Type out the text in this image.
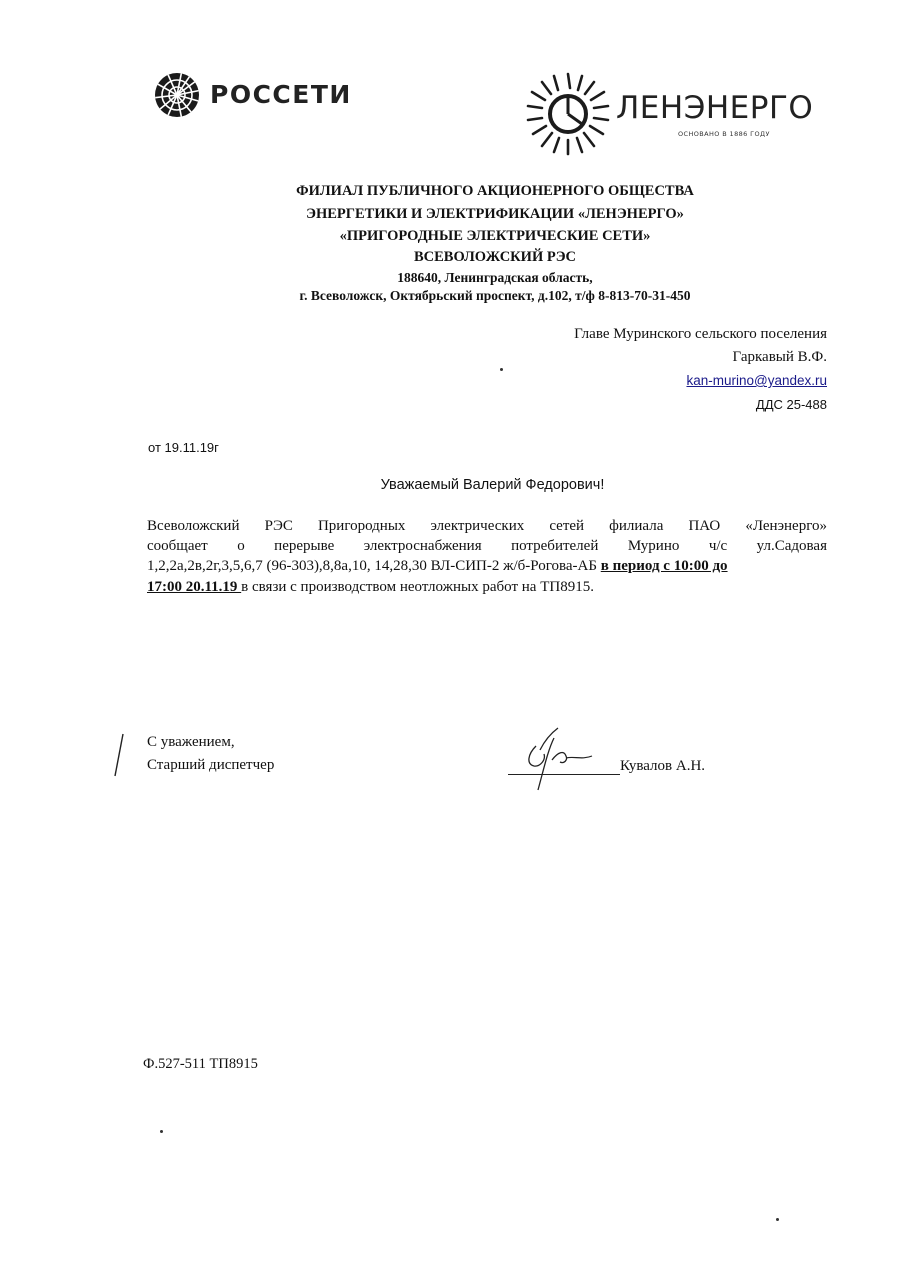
РОССЕТИ	ЛЕНЭНЕРГО
ОСНОВАНО В 1886 ГОДУ
ФИЛИАЛ ПУБЛИЧНОГО АКЦИОНЕРНОГО ОБЩЕСТВА
ЭНЕРГЕТИКИ И ЭЛЕКТРИФИКАЦИИ «ЛЕНЭНЕРГО»
«ПРИГОРОДНЫЕ ЭЛЕКТРИЧЕСКИЕ СЕТИ»
ВСЕВОЛОЖСКИЙ РЭС
188640, Ленинградская область,
г. Всеволожск, Октябрьский проспект, д.102, т/ф 8-813-70-31-450
Главе Муринского сельского поселения
Гаркавый В.Ф.
kan-murino@yandex.ru
ДДС 25-488
от 19.11.19г
Уважаемый Валерий Федорович!
Всеволожский РЭС Пригородных электрических сетей филиала ПАО «Ленэнерго»
сообщает о перерыве электроснабжения потребителей Мурино ч/с ул.Садовая
1,2,2а,2в,2г,3,5,6,7 (96-303),8,8а,10, 14,28,30 ВЛ-СИП-2 ж/б-Рогова-АБ в период с 10:00 до
17:00 20.11.19 в связи с производством неотложных работ на ТП8915.
С уважением,
Старший диспетчер	Кувалов А.Н.
Ф.527-511 ТП8915
